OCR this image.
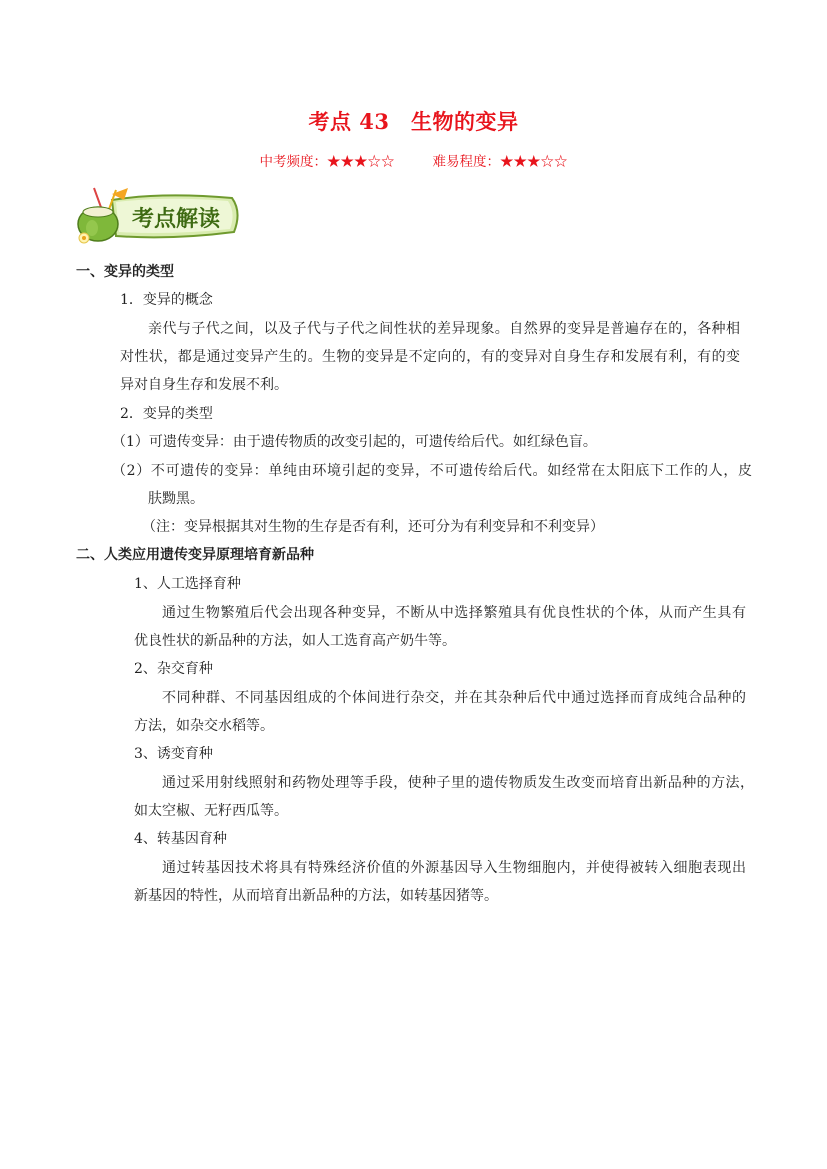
考点 43　生物的变异
中考频度：★★★☆☆	难易程度：★★★☆☆
考点解读
一、变异的类型
1．变异的概念
亲代与子代之间，以及子代与子代之间性状的差异现象。自然界的变异是普遍存在的，各种相
对性状，都是通过变异产生的。生物的变异是不定向的，有的变异对自身生存和发展有利，有的变
异对自身生存和发展不利。
2．变异的类型
（1）可遗传变异：由于遗传物质的改变引起的，可遗传给后代。如红绿色盲。
（2）不可遗传的变异：单纯由环境引起的变异，不可遗传给后代。如经常在太阳底下工作的人，皮
肤黝黑。
（注：变异根据其对生物的生存是否有利，还可分为有利变异和不利变异）
二、人类应用遗传变异原理培育新品种
1、人工选择育种
通过生物繁殖后代会出现各种变异，不断从中选择繁殖具有优良性状的个体，从而产生具有
优良性状的新品种的方法，如人工选育高产奶牛等。
2、杂交育种
不同种群、不同基因组成的个体间进行杂交，并在其杂种后代中通过选择而育成纯合品种的
方法，如杂交水稻等。
3、诱变育种
通过采用射线照射和药物处理等手段，使种子里的遗传物质发生改变而培育出新品种的方法，
如太空椒、无籽西瓜等。
4、转基因育种
通过转基因技术将具有特殊经济价值的外源基因导入生物细胞内，并使得被转入细胞表现出
新基因的特性，从而培育出新品种的方法，如转基因猪等。
